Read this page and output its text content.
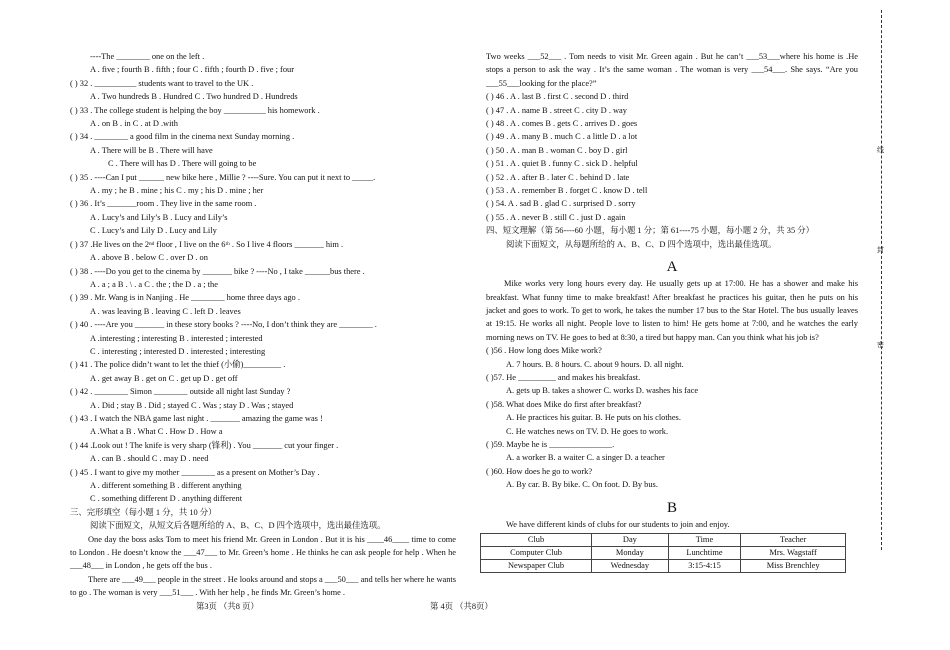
----The ________ one on the left .
A . five ; fourth B . fifth ; four C . fifth ; fourth D . five ; four
( ) 32 . __________ students want to travel to the UK .
A . Two hundreds B . Hundred C . Two hundred D . Hundreds
( ) 33 . The college student is helping the boy __________ his homework .
A . on B . in C . at D .with
( ) 34 . ________ a good film in the cinema next Sunday morning .
A . There will be B . There will have
C . There will has D . There will going to be
( ) 35 . ----Can I put ______ new bike here , Millie ? ----Sure. You can put it next to _____.
A . my ; he B . mine ; his C . my ; his D . mine ; her
( ) 36 . It’s _______room . They live in the same room .
A . Lucy’s and Lily’s B . Lucy and Lily’s
C . Lucy’s and Lily D . Lucy and Lily
( ) 37 .He lives on the 2ⁿᵈ floor , I live on the 6ᵗʰ . So I live 4 floors _______ him .
A . above B . below C . over D . on
( ) 38 . ----Do you get to the cinema by _______ bike ? ----No , I take ______bus there .
A . a ; a B . \ . a C . the ; the D . a ; the
( ) 39 . Mr. Wang is in Nanjing . He ________ home three days ago .
A . was leaving B . leaving C . left D . leaves
( ) 40 . ----Are you _______ in these story books ? ----No, I don’t think they are ________ .
A .interesting ; interesting B . interested ; interested
C . interesting ; interested D . interested ; interesting
( ) 41 . The police didn’t want to let the thief (小偷)_________ .
A . get away B . get on C . get up D . get off
( ) 42 . ________ Simon ________ outside all night last Sunday ?
A . Did ; stay B . Did ; stayed C . Was ; stay D . Was ; stayed
( ) 43 . I watch the NBA game last night . _______ amazing the game was !
A .What a B . What C . How D . How a
( ) 44 .Look out ! The knife is very sharp (锋利) . You _______ cut your finger .
A . can B . should C . may D . need
( ) 45 . I want to give my mother ________ as a present on Mother’s Day .
A . different something B . different anything
C . something different D . anything different
三、完形填空（每小题 1 分，共 10 分）
阅读下面短文，从短文后各题所给的 A、B、C、D 四个选项中，选出最佳选项。
One day the boss asks Tom to meet his friend Mr. Green in London . But it is his ____46____ time to come to London . He doesn’t know the ___47___ to Mr. Green’s home . He thinks he can ask people for help . When he ___48___ in London , he gets off the bus .
There are ___49___ people in the street . He looks around and stops a ___50___ and tells her where he wants to go . The woman is very ___51___ . With her help , he finds Mr. Green’s home .
Two weeks ___52___ . Tom needs to visit Mr. Green again . But he can’t ___53___where his home is .He stops a person to ask the way . It’s the same woman . The woman is very ___54___. She says. “Are you ___55___looking for the place?”
( ) 46 . A . last B . first C . second D . third
( ) 47 . A . name B . street C . city D . way
( ) 48 . A . comes B . gets C . arrives D . goes
( ) 49 . A . many B . much C . a little D . a lot
( ) 50 . A . man B . woman C . boy D . girl
( ) 51 . A . quiet B . funny C . sick D . helpful
( ) 52 . A . after B . later C . behind D . late
( ) 53 . A . remember B . forget C . know D . tell
( ) 54. A . sad B . glad C . surprised D . sorry
( ) 55 . A . never B . still C . just D . again
四、短文理解（第 56----60 小题，每小题 1 分；第 61----75 小题，每小题 2 分，共 35 分）
阅读下面短文，从每题所给的 A、B、C、D 四个选项中，选出最佳选项。
A
Mike works very long hours every day. He usually gets up at 17:00. He has a shower and make his breakfast. What funny time to make breakfast! After breakfast he practices his guitar, then he puts on his jacket and goes to work. To get to work, he takes the number 17 bus to the Star Hotel. The bus usually leaves at 19:15. He works all night. People love to listen to him! He gets home at 7:00, and he watches the early morning news on TV. He goes to bed at 8:30, a tired but happy man. Can you think what his job is?
( )56 . How long does Mike work?
A. 7 hours. B. 8 hours. C. about 9 hours. D. all night.
( )57. He _________ and makes his breakfast.
A. gets up B. takes a shower C. works D. washes his face
( )58. What does Mike do first after breakfast?
A. He practices his guitar. B. He puts on his clothes.
C. He watches news on TV. D. He goes to work.
( )59. Maybe he is _______________.
A. a worker B. a waiter C. a singer D. a teacher
( )60. How does he go to work?
A. By car. B. By bike. C. On foot. D. By bus.
B
We have different kinds of clubs for our students to join and enjoy.
Club	Day	Time	Teacher
Computer Club	Monday	Lunchtime	Mrs. Wagstaff
Newspaper Club	Wednesday	3:15-4:15	Miss Brenchley
第3页 （共8 页）	第 4页 （共8页）
线
封
密
